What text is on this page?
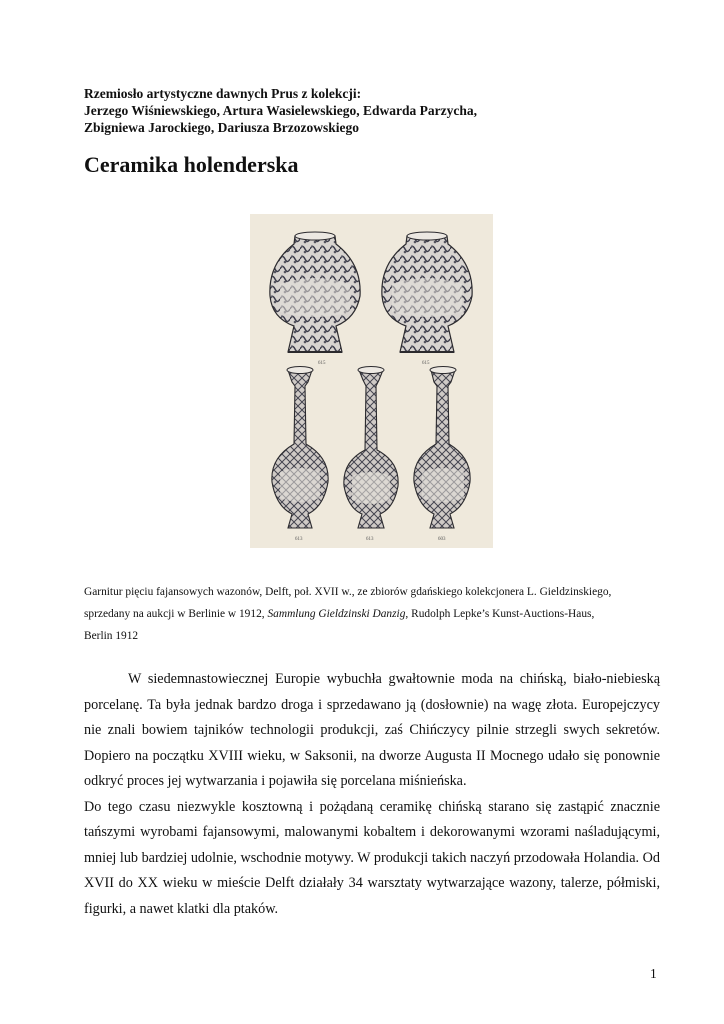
Rzemiosło artystyczne dawnych Prus z kolekcji:
Jerzego Wiśniewskiego, Artura Wasielewskiego, Edwarda Parzycha,
Zbigniewa Jarockiego, Dariusza Brzozowskiego
Ceramika holenderska
615	615
613	613	603

Garnitur pięciu fajansowych wazonów, Delft, poł. XVII w., ze zbiorów gdańskiego kolekcjonera L. Gieldzinskiego,

sprzedany na aukcji w Berlinie w 1912, Sammlung Gieldzinski Danzig, Rudolph Lepke’s Kunst-Auctions-Haus,

Berlin 1912

W siedemnastowiecznej Europie wybuchła gwałtownie moda na chińską, biało-niebieską porcelanę. Ta była jednak bardzo droga i sprzedawano ją (dosłownie) na wagę złota. Europejczycy nie znali bowiem tajników technologii produkcji, zaś Chińczycy pilnie strzegli swych sekretów. Dopiero na początku XVIII wieku, w Saksonii, na dworze Augusta II Mocnego udało się ponownie odkryć proces jej wytwarzania i pojawiła się porcelana miśnieńska.

Do tego czasu niezwykle kosztowną i pożądaną ceramikę chińską starano się zastąpić znacznie tańszymi wyrobami fajansowymi, malowanymi kobaltem i dekorowanymi wzorami naśladującymi, mniej lub bardziej udolnie, wschodnie motywy. W produkcji takich naczyń przodowała Holandia. Od XVII do XX wieku w mieście Delft działały 34 warsztaty wytwarzające wazony, talerze, półmiski, figurki, a nawet klatki dla ptaków.

1
